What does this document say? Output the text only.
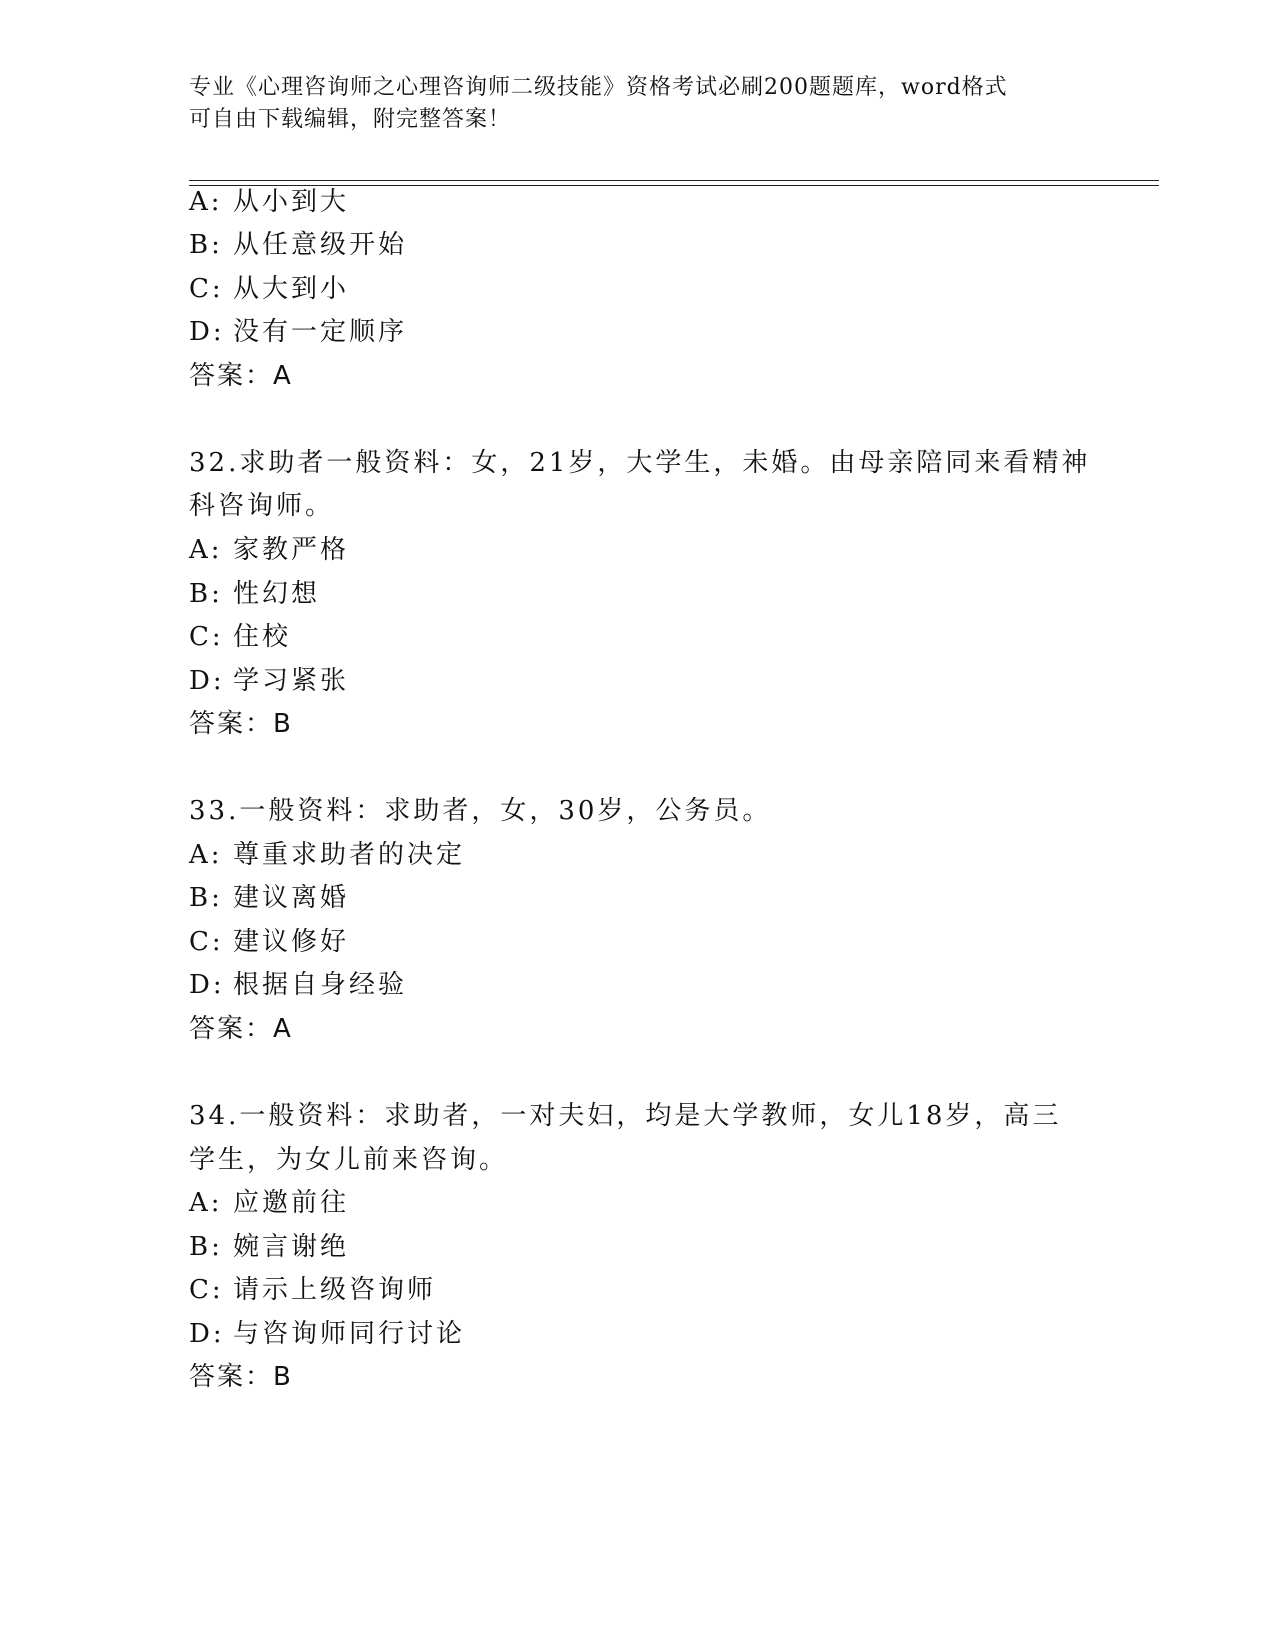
专业《心理咨询师之心理咨询师二级技能》资格考试必刷200题题库，word格式
可自由下载编辑，附完整答案！
A: 从小到大
B: 从任意级开始
C: 从大到小
D: 没有一定顺序
答案：A
32.求助者一般资料：女，21岁，大学生，未婚。由母亲陪同来看精神
科咨询师。
A: 家教严格
B: 性幻想
C: 住校
D: 学习紧张
答案：B
33.一般资料：求助者，女，30岁，公务员。
A: 尊重求助者的决定
B: 建议离婚
C: 建议修好
D: 根据自身经验
答案：A
34.一般资料：求助者，一对夫妇，均是大学教师，女儿18岁，高三
学生，为女儿前来咨询。
A: 应邀前往
B: 婉言谢绝
C: 请示上级咨询师
D: 与咨询师同行讨论
答案：B
